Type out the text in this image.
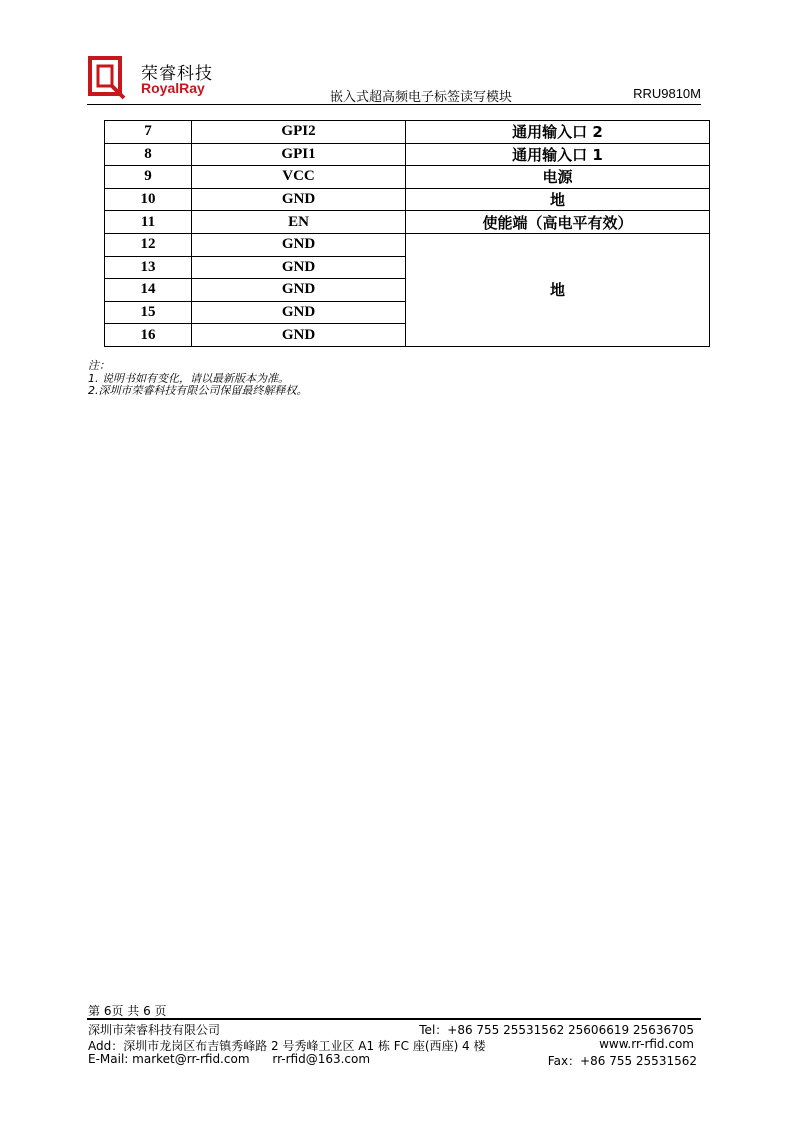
荣睿科技
RoyalRay
嵌入式超高频电子标签读写模块	RRU9810M
7	GPI2	通用输入口 2
8	GPI1	通用输入口 1
9	VCC	电源
10	GND	地
11	EN	使能端（高电平有效）
12	GND	地
13	GND	
14	GND	
15	GND	
16	GND	
注：
1. 说明书如有变化，请以最新版本为准。
2.深圳市荣睿科技有限公司保留最终解释权。
第 6页 共 6 页
深圳市荣睿科技有限公司	Tel：+86 755 25531562 25606619 25636705
Add：深圳市龙岗区布吉镇秀峰路 2 号秀峰工业区 A1 栋 FC 座(西座) 4 楼	www.rr-rfid.com
E-Mail: market@rr-rfid.com      rr-rfid@163.com	Fax：+86 755 25531562
